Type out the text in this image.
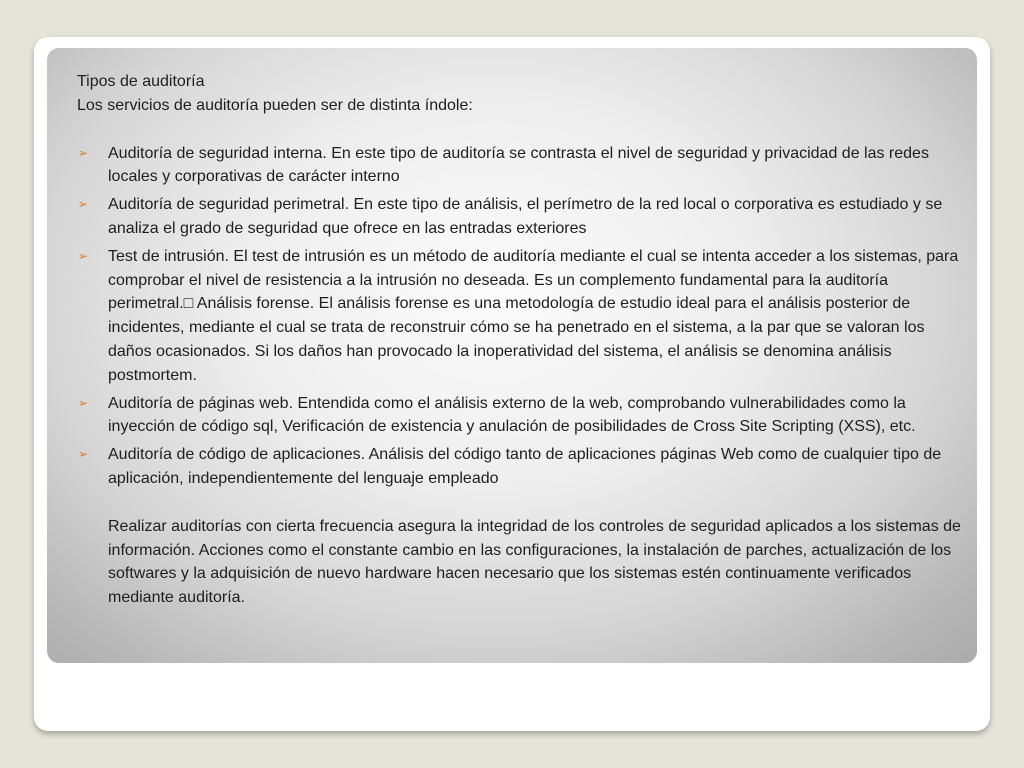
Tipos de auditoría

Los servicios de auditoría pueden ser de distinta índole:

➢ Auditoría de seguridad interna. En este tipo de auditoría se contrasta el nivel de seguridad y privacidad de las redes locales y corporativas de carácter interno
➢ Auditoría de seguridad perimetral. En este tipo de análisis, el perímetro de la red local o corporativa es estudiado y se analiza el grado de seguridad que ofrece en las entradas exteriores
➢ Test de intrusión. El test de intrusión es un método de auditoría mediante el cual se intenta acceder a los sistemas, para comprobar el nivel de resistencia a la intrusión no deseada. Es un complemento fundamental para la auditoría perimetral.□ Análisis forense. El análisis forense es una metodología de estudio ideal para el análisis posterior de incidentes, mediante el cual se trata de reconstruir cómo se ha penetrado en el sistema, a la par que se valoran los daños ocasionados. Si los daños han provocado la inoperatividad del sistema, el análisis se denomina análisis postmortem.
➢ Auditoría de páginas web. Entendida como el análisis externo de la web, comprobando vulnerabilidades como la inyección de código sql, Verificación de existencia y anulación de posibilidades de Cross Site Scripting (XSS), etc.
➢ Auditoría de código de aplicaciones. Análisis del código tanto de aplicaciones páginas Web como de cualquier tipo de aplicación, independientemente del lenguaje empleado

Realizar auditorías con cierta frecuencia asegura la integridad de los controles de seguridad aplicados a los sistemas de información. Acciones como el constante cambio en las configuraciones, la instalación de parches, actualización de los softwares y la adquisición de nuevo hardware hacen necesario que los sistemas estén continuamente verificados mediante auditoría.
